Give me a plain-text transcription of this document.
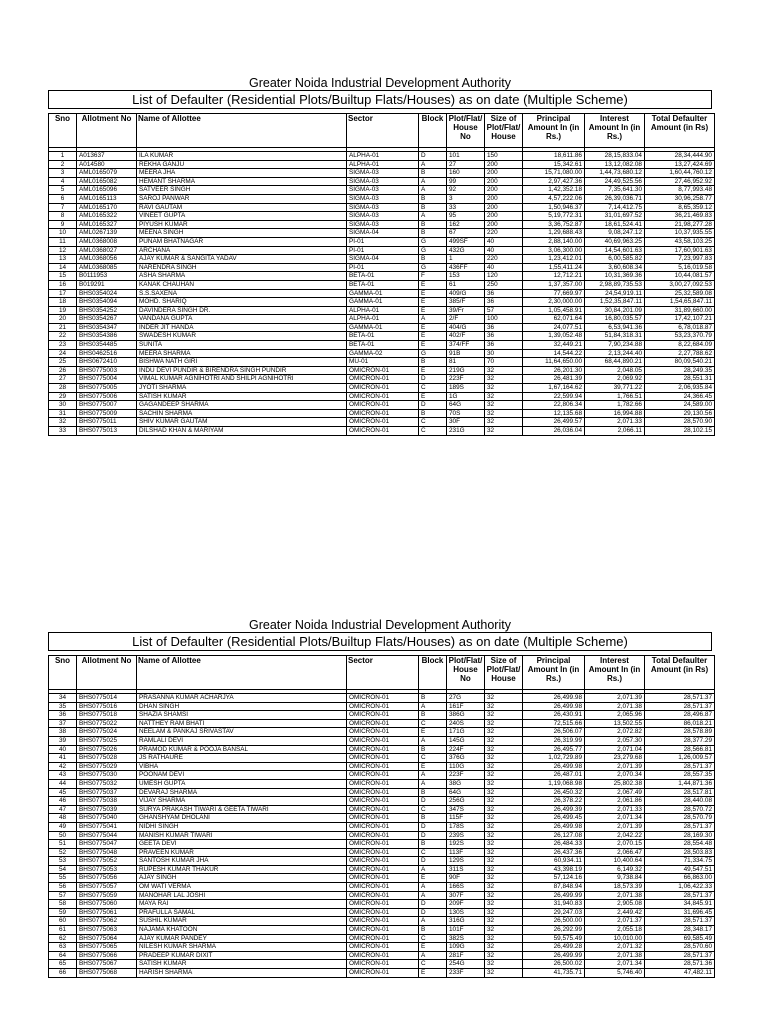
Greater Noida Industrial Development Authority
List of Defaulter (Residential Plots/Builtup Flats/Houses) as on date (Multiple Scheme)
Sno	Allotment No	Name of Allottee	Sector	Block	Plot/Flat/ House No	Size of Plot/Flat/ House	Principal Amount In (in Rs.)	Interest Amount In (in Rs.)	Total Defaulter Amount (in Rs)

1	A013637	ILA KUMAR	ALPHA-01	D	101	150	18,611.86	28,15,833.04	28,34,444.90
2	A014580	REKHA GANJU	ALPHA-01	A	27	200	15,342.61	13,12,082.08	13,27,424.69
3	AML0165079	MEERA JHA	SIGMA-03	B	160	200	15,71,080.00	1,44,73,680.12	1,60,44,760.12
4	AML0165082	HEMANT SHARMA	SIGMA-03	A	99	200	2,97,427.36	24,49,525.56	27,46,952.92
5	AML0165096	SATVEER SINGH	SIGMA-03	A	92	200	1,42,352.18	7,35,641.30	8,77,993.48
6	AML0165113	SAROJ PANWAR	SIGMA-03	B	3	200	4,57,222.06	26,39,036.71	30,96,258.77
7	AML0165170	RAVI GAUTAM	SIGMA-03	B	33	200	1,50,946.37	7,14,412.75	8,65,359.12
8	AML0165322	VINEET GUPTA	SIGMA-03	A	95	200	5,19,772.31	31,01,697.52	36,21,469.83
9	AML0165327	PIYUSH KUMAR	SIGMA-03	B	162	200	3,36,752.87	18,61,524.41	21,98,277.28
10	AML0267139	MEENA SINGH	SIGMA-04	B	67	220	1,29,688.43	9,08,247.12	10,37,935.55
11	AML0368008	PUNAM BHATNAGAR	PI-01	G	499SF	40	2,88,140.00	40,69,963.25	43,58,103.25
12	AML0368027	ARCHANA	PI-01	G	432G	40	3,06,300.00	14,54,601.63	17,60,901.63
13	AML0368056	AJAY KUMAR & SANGITA YADAV	SIGMA-04	B	1	220	1,23,412.01	6,00,585.82	7,23,997.83
14	AML0368085	NARENDRA SINGH	PI-01	G	436FF	40	1,55,411.24	3,60,608.34	5,16,019.58
15	B0111953	ASHA SHARMA	BETA-01	F	153	120	12,712.21	10,31,369.36	10,44,081.57
16	B019291	KANAK CHAUHAN	BETA-01	E	61	250	1,37,357.00	2,98,89,735.53	3,00,27,092.53
17	BHS0354024	S.S.SAXENA	GAMMA-01	E	409/G	36	77,669.97	24,54,919.11	25,32,589.08
18	BHS0354094	MOHD. SHARIQ	GAMMA-01	E	385/F	36	2,30,000.00	1,52,35,847.11	1,54,65,847.11
19	BHS0354252	DAVINDERA SINGH DR.	ALPHA-01	E	39/Fr	57	1,05,458.91	30,84,201.09	31,89,660.00
20	BHS0354267	VANDANA GUPTA	ALPHA-01	A	2/F	100	62,071.64	16,80,035.57	17,42,107.21
21	BHS0354347	INDER JIT HANDA	GAMMA-01	E	404/G	36	24,077.51	6,53,941.36	6,78,018.87
22	BHS0354386	SWADESH KUMAR	BETA-01	E	402/F	36	1,39,052.48	51,84,318.31	53,23,370.79
23	BHS0354485	SUNITA	BETA-01	E	374/FF	36	32,449.21	7,90,234.88	8,22,684.09
24	BHS0462516	MEERA SHARMA	GAMMA-02	G	91B	30	14,544.22	2,13,244.40	2,27,788.62
25	BHS0672410	BISHWA NATH GIRI	MU-01	B	81	70	11,64,650.00	68,44,890.21	80,09,540.21
26	BHS0775003	INDU DEVI PUNDIR & BIRENDRA SINGH PUNDIR	OMICRON-01	E	219G	32	26,201.30	2,048.05	28,249.35
27	BHS0775004	VIMAL KUMAR AGNIHOTRI AND SHILPI AGNIHOTRI	OMICRON-01	D	223F	32	26,481.39	2,069.92	28,551.31
28	BHS0775005	JYOTI SHARMA	OMICRON-01	C	189S	32	1,67,164.62	39,771.22	2,06,935.84
29	BHS0775006	SATISH KUMAR	OMICRON-01	E	1G	32	22,599.94	1,766.51	24,366.45
30	BHS0775007	GAGANDEEP SHARMA	OMICRON-01	D	64G	32	22,806.34	1,782.66	24,589.00
31	BHS0775009	SACHIN SHARMA	OMICRON-01	B	70S	32	12,135.68	16,994.88	29,130.56
32	BHS0775011	SHIV KUMAR GAUTAM	OMICRON-01	C	30F	32	26,499.57	2,071.33	28,570.90
33	BHS0775013	DILSHAD KHAN & MARIYAM	OMICRON-01	C	231G	32	26,036.04	2,066.11	28,102.15
Greater Noida Industrial Development Authority
List of Defaulter (Residential Plots/Builtup Flats/Houses) as on date (Multiple Scheme)
Sno	Allotment No	Name of Allottee	Sector	Block	Plot/Flat/ House No	Size of Plot/Flat/ House	Principal Amount In (in Rs.)	Interest Amount In (in Rs.)	Total Defaulter Amount (in Rs)

34	BHS0775014	PRASANNA KUMAR ACHARJYA	OMICRON-01	B	27G	32	26,499.98	2,071.39	28,571.37
35	BHS0775016	DHAN SINGH	OMICRON-01	A	161F	32	26,499.98	2,071.38	28,571.37
36	BHS0775018	SHAZIA SHAMSI	OMICRON-01	B	386G	32	26,430.91	2,065.96	28,496.87
37	BHS0775022	NATTHEY RAM BHATI	OMICRON-01	C	240S	32	72,515.66	13,502.55	86,018.21
38	BHS0775024	NEELAM & PANKAJ SRIVASTAV	OMICRON-01	E	171G	32	26,506.07	2,072.82	28,578.89
39	BHS0775025	RAMLALI DEVI	OMICRON-01	A	145G	32	26,319.99	2,057.30	28,377.29
40	BHS0775026	PRAMOD KUMAR & POOJA BANSAL	OMICRON-01	B	224F	32	26,495.77	2,071.04	28,566.81
41	BHS0775028	JS RATHAURE	OMICRON-01	C	376G	32	1,02,729.89	23,279.68	1,26,009.57
42	BHS0775029	VIBHA	OMICRON-01	E	110G	32	26,499.98	2,071.39	28,571.37
43	BHS0775030	POONAM DEVI	OMICRON-01	A	223F	32	26,487.01	2,070.34	28,557.35
44	BHS0775032	UMESH GUPTA	OMICRON-01	A	38G	32	1,19,068.98	25,802.38	1,44,871.36
45	BHS0775037	DEVARAJ SHARMA	OMICRON-01	B	64G	32	26,450.32	2,067.49	28,517.81
46	BHS0775038	VIJAY SHARMA	OMICRON-01	D	256G	32	26,378.22	2,061.86	28,440.08
47	BHS0775039	SURYA PRAKASH TIWARI & GEETA TIWARI	OMICRON-01	C	347S	32	26,499.39	2,071.33	28,570.72
48	BHS0775040	GHANSHYAM DHOLANI	OMICRON-01	B	115F	32	26,499.45	2,071.34	28,570.79
49	BHS0775041	NIDHI SINGH	OMICRON-01	D	178S	32	26,499.98	2,071.39	28,571.37
50	BHS0775044	MANISH KUMAR TIWARI	OMICRON-01	D	239S	32	26,127.08	2,042.22	28,169.30
51	BHS0775047	GEETA DEVI	OMICRON-01	B	192S	32	26,484.33	2,070.15	28,554.48
52	BHS0775048	PRAVEEN KUMAR	OMICRON-01	C	113F	32	26,437.36	2,066.47	28,503.83
53	BHS0775052	SANTOSH KUMAR JHA	OMICRON-01	D	129S	32	60,934.11	10,400.64	71,334.75
54	BHS0775053	RUPESH KUMAR THAKUR	OMICRON-01	A	311S	32	43,398.19	6,149.32	49,547.51
55	BHS0775056	AJAY SINGH	OMICRON-01	E	90F	32	57,124.16	9,738.84	66,863.00
56	BHS0775057	OM WATI VERMA	OMICRON-01	A	166S	32	87,848.94	18,573.39	1,06,422.33
57	BHS0775059	MANOHAR LAL JOSHI	OMICRON-01	A	307F	32	26,499.99	2,071.38	28,571.37
58	BHS0775060	MAYA RAI	OMICRON-01	D	209F	32	31,940.83	2,905.08	34,845.91
59	BHS0775061	PRAFULLA SAMAL	OMICRON-01	D	130S	32	29,247.03	2,449.42	31,696.45
60	BHS0775062	SUSHIL KUMAR	OMICRON-01	A	316G	32	26,500.00	2,071.37	28,571.37
61	BHS0775063	NAJAMA KHATOON	OMICRON-01	B	101F	32	26,292.99	2,055.18	28,348.17
62	BHS0775064	AJAY KUMAR PANDEY	OMICRON-01	C	382S	32	59,575.49	10,010.00	69,585.49
63	BHS0775065	NILESH KUMAR SHARMA	OMICRON-01	E	109G	32	26,499.28	2,071.32	28,570.60
64	BHS0775066	PRADEEP KUMAR DIXIT	OMICRON-01	A	281F	32	26,499.99	2,071.38	28,571.37
65	BHS0775067	SATISH KUMAR	OMICRON-01	C	254G	32	26,500.02	2,071.34	28,571.36
66	BHS0775068	HARISH SHARMA	OMICRON-01	E	233F	32	41,735.71	5,746.40	47,482.11
